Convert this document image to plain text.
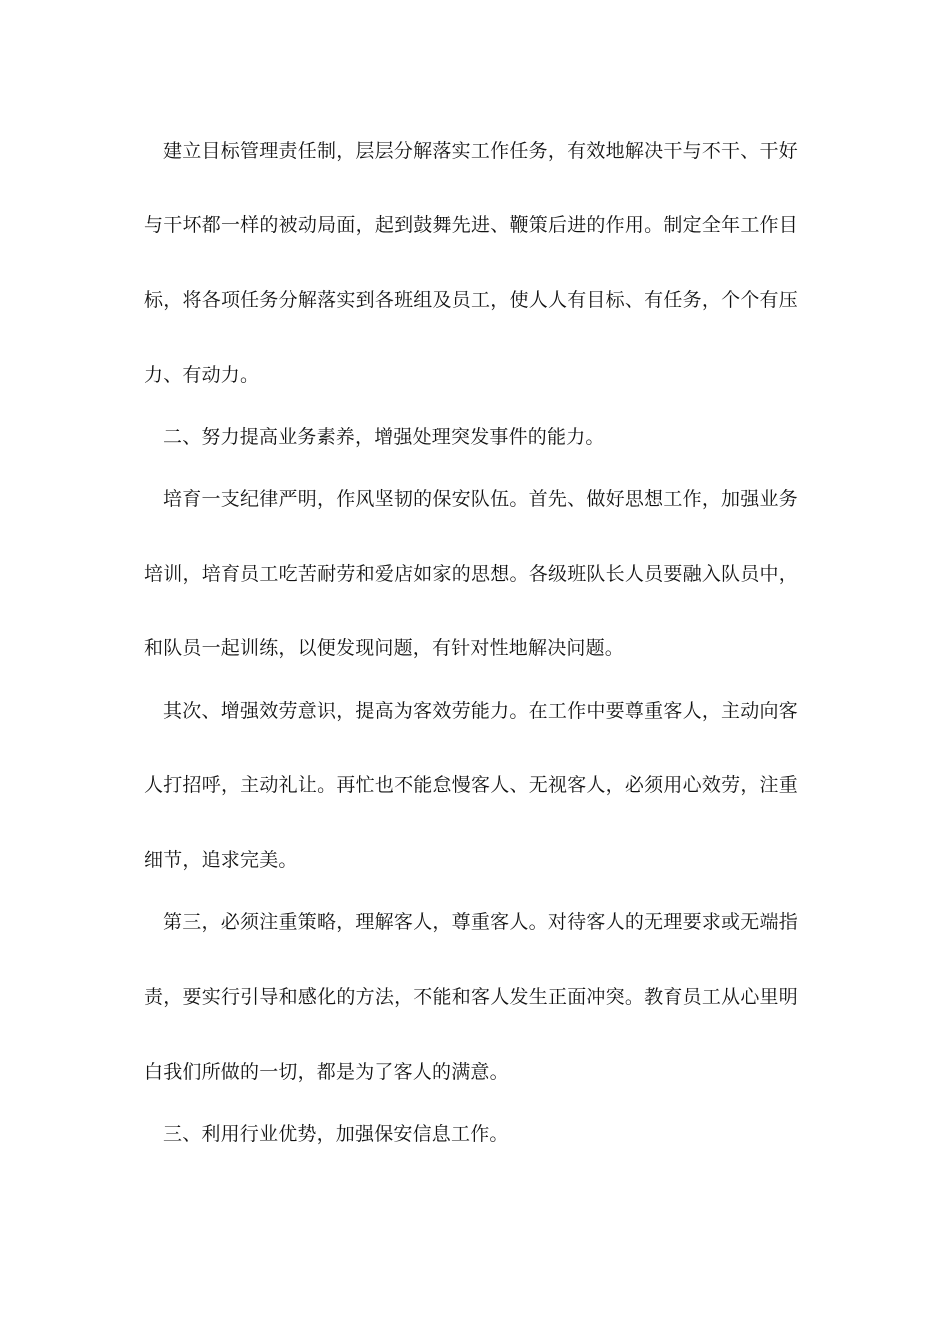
建立目标管理责任制，层层分解落实工作任务，有效地解决干与不干、干好
与干坏都一样的被动局面，起到鼓舞先进、鞭策后进的作用。制定全年工作目
标，将各项任务分解落实到各班组及员工，使人人有目标、有任务，个个有压
力、有动力。
二、努力提高业务素养，增强处理突发事件的能力。
培育一支纪律严明，作风坚韧的保安队伍。首先、做好思想工作，加强业务
培训，培育员工吃苦耐劳和爱店如家的思想。各级班队长人员要融入队员中，
和队员一起训练，以便发现问题，有针对性地解决问题。
其次、增强效劳意识，提高为客效劳能力。在工作中要尊重客人，主动向客
人打招呼，主动礼让。再忙也不能怠慢客人、无视客人，必须用心效劳，注重
细节，追求完美。
第三，必须注重策略，理解客人，尊重客人。对待客人的无理要求或无端指
责，要实行引导和感化的方法，不能和客人发生正面冲突。教育员工从心里明
白我们所做的一切，都是为了客人的满意。
三、利用行业优势，加强保安信息工作。
